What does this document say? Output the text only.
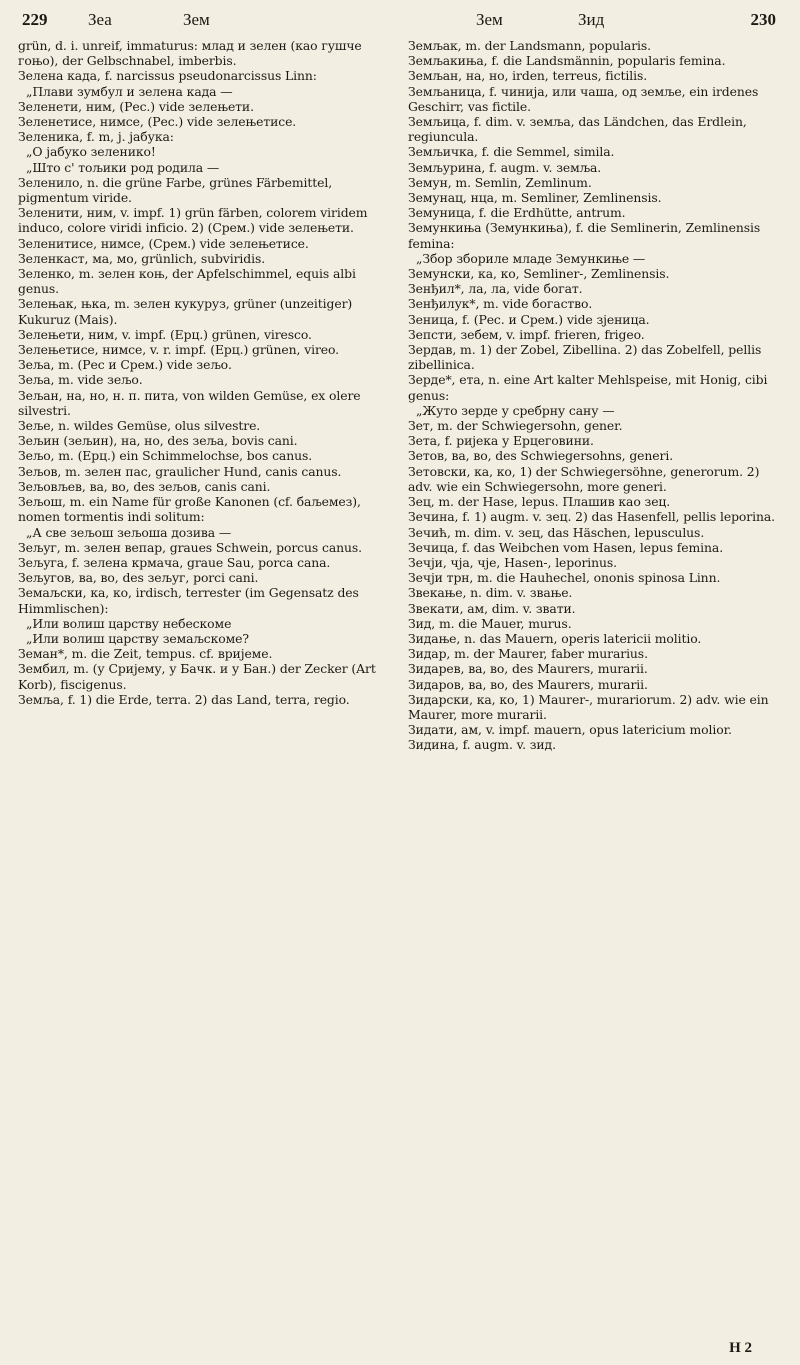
229 Зеа	Зем	Зем	Зид	230

grün, d. i. unreif, immaturus: млад и зелен (као гушче гоњо), der Gelbschnabel, imberbis.

Зелена када, f. narcissus pseudonarcissus Linn:

„Плави зумбул и зелена када —

Зеленети, ним, (Рес.) vide зелењети.

Зеленетисе, нимсе, (Рес.) vide зелењетисе.

Зеленика, f. m, j. јабука:

„О јабуко зеленико!

„Што с' тољики род родила —

Зеленило, n. die grüne Farbe, grünes Färbemittel, pigmentum viride.

Зеленити, ним, v. impf. 1) grün färben, colorem viridem induco, colore viridi inficio. 2) (Срем.) vide зелењети.

Зеленитисе, нимсе, (Срем.) vide зелењетисе.

Зеленкаст, ма, мо, grünlich, subviridis.

Зеленко, m. зелен коњ, der Apfelschimmel, equis albi genus.

Зелењак, њка, m. зелен кукуруз, grüner (unzeitiger) Kukuruz (Mais).

Зелењети, ним, v. impf. (Ерц.) grünen, viresco.

Зелењетисе, нимсе, v. r. impf. (Ерц.) grünen, vireo.

Зеља, m. (Рес и Срем.) vide зељо.

Зеља, m. vide зељо.

Зељан, на, но, н. п. пита, von wilden Gemüse, ex olere silvestri.

Зеље, n. wildes Gemüse, olus silvestre.

Зељин (зељин), на, но, des зеља, bovis cani.

Зељо, m. (Ерц.) ein Schimmelochse, bos canus.

Зељов, m. зелен пас, graulicher Hund, canis canus.

Зељовљев, ва, во, des зељов, canis cani.

Зељош, m. ein Name für große Kanonen (cf. баљемез), nomen tormentis indi solitum:

„А све зељош зељоша дозива —

Зељуг, m. зелен вепар, graues Schwein, porcus canus.

Зељуга, f. зелена крмача, graue Sau, porca cana.

Зељугов, ва, во, des зељуг, porci cani.

Земаљски, ка, ко, irdisch, terrester (im Gegensatz des Himmlischen):

„Или волиш царству небескоме

„Или волиш царству земаљскоме?

Земан*, m. die Zeit, tempus. cf. вријеме.

Зембил, m. (у Сријему, у Бачк. и у Бан.) der Zecker (Art Korb), fiscigenus.

Земља, f. 1) die Erde, terra. 2) das Land, terra, regio.

Земљак, m. der Landsmann, popularis.

Земљакиња, f. die Landsmännin, popularis femina.

Земљан, на, но, irden, terreus, fictilis.

Земљаница, f. чинија, или чаша, од земље, ein irdenes Geschirr, vas fictile.

Земљица, f. dim. v. земља, das Ländchen, das Erdlein, regiuncula.

Земљичка, f. die Semmel, simila.

Земљурина, f. augm. v. земља.

Земун, m. Semlin, Zemlinum.

Земунац, нца, m. Semliner, Zemlinensis.

Земуница, f. die Erdhütte, antrum.

Земункиња (Земункиња), f. die Semlinerin, Zemlinensis femina:

„Збор збориле младе Земункиње —

Земунски, ка, ко, Semliner-, Zemlinensis.

Зенђил*, ла, ла, vide богат.

Зенђилук*, m. vide богаство.

Зеница, f. (Рес. и Срем.) vide зјеница.

Зепсти, зебем, v. impf. frieren, frigeo.

Зердав, m. 1) der Zobel, Zibellina. 2) das Zobelfell, pellis zibellinica.

Зерде*, ета, n. eine Art kalter Mehlspeise, mit Honig, cibi genus:

„Жуто зерде у сребрну сану —

Зет, m. der Schwiegersohn, gener.

Зета, f. ријека у Ерцеговини.

Зетов, ва, во, des Schwiegersohns, generi.

Зетовски, ка, ко, 1) der Schwiegersöhne, generorum. 2) adv. wie ein Schwiegersohn, more generi.

Зец, m. der Hase, lepus. Плашив као зец.

Зечина, f. 1) augm. v. зец. 2) das Hasenfell, pellis leporina.

Зечић, m. dim. v. зец, das Häschen, lepusculus.

Зечица, f. das Weibchen vom Hasen, lepus femina.

Зечји, чја, чје, Hasen-, leporinus.

Зечји трн, m. die Hauhechel, ononis spinosa Linn.

Звекање, n. dim. v. звање.

Звекати, ам, dim. v. звати.

Зид, m. die Mauer, murus.

Зидање, n. das Mauern, operis latericii molitio.

Зидар, m. der Maurer, faber murarius.

Зидарев, ва, во, des Maurers, murarii.

Зидаров, ва, во, des Maurers, murarii.

Зидарски, ка, ко, 1) Maurer-, murariorum. 2) adv. wie ein Maurer, more murarii.

Зидати, ам, v. impf. mauern, opus latericium molior.

Зидина, f. augm. v. зид.

Н 2
